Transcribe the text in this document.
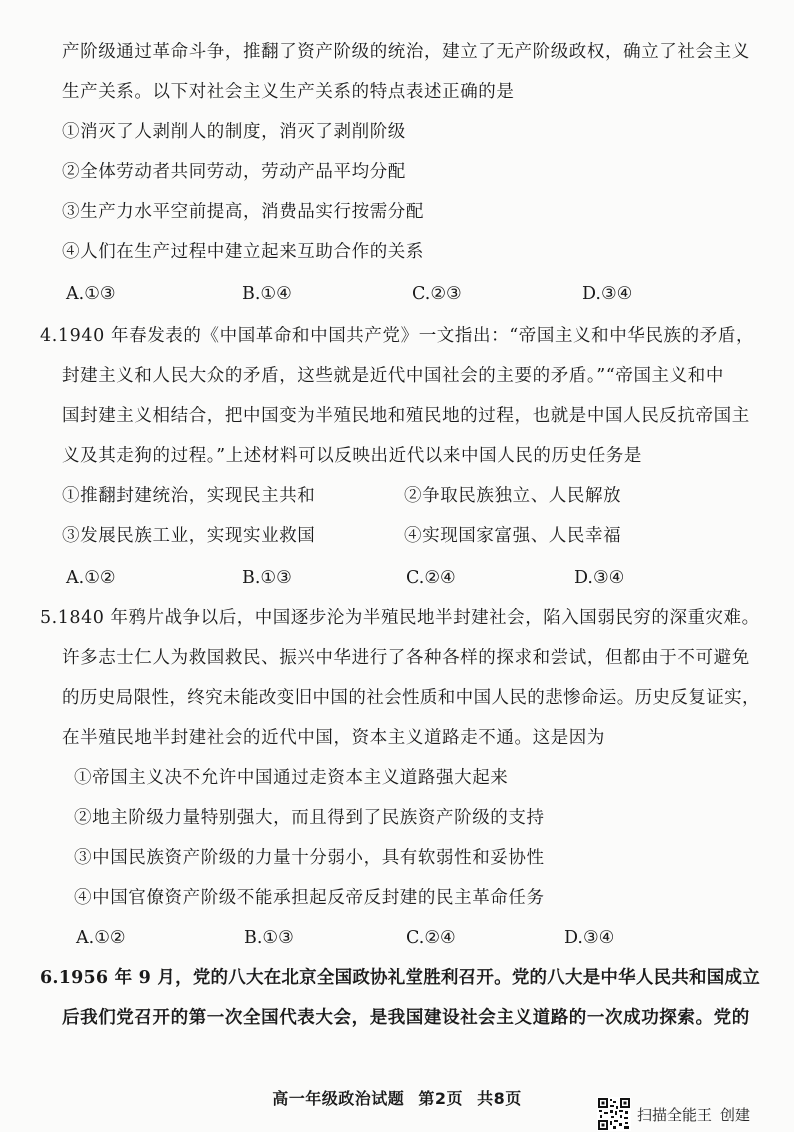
产阶级通过革命斗争，推翻了资产阶级的统治，建立了无产阶级政权，确立了社会主义
生产关系。以下对社会主义生产关系的特点表述正确的是
①消灭了人剥削人的制度，消灭了剥削阶级
②全体劳动者共同劳动，劳动产品平均分配
③生产力水平空前提高，消费品实行按需分配
④人们在生产过程中建立起来互助合作的关系
A.①③	B.①④	C.②③	D.③④
4.1940 年春发表的《中国革命和中国共产党》一文指出：“帝国主义和中华民族的矛盾，
封建主义和人民大众的矛盾，这些就是近代中国社会的主要的矛盾。”“帝国主义和中
国封建主义相结合，把中国变为半殖民地和殖民地的过程，也就是中国人民反抗帝国主
义及其走狗的过程。”上述材料可以反映出近代以来中国人民的历史任务是
①推翻封建统治，实现民主共和	②争取民族独立、人民解放
③发展民族工业，实现实业救国	④实现国家富强、人民幸福
A.①②	B.①③	C.②④	D.③④
5.1840 年鸦片战争以后，中国逐步沦为半殖民地半封建社会，陷入国弱民穷的深重灾难。
许多志士仁人为救国救民、振兴中华进行了各种各样的探求和尝试，但都由于不可避免
的历史局限性，终究未能改变旧中国的社会性质和中国人民的悲惨命运。历史反复证实，
在半殖民地半封建社会的近代中国，资本主义道路走不通。这是因为
①帝国主义决不允许中国通过走资本主义道路强大起来
②地主阶级力量特别强大，而且得到了民族资产阶级的支持
③中国民族资产阶级的力量十分弱小，具有软弱性和妥协性
④中国官僚资产阶级不能承担起反帝反封建的民主革命任务
A.①②	B.①③	C.②④	D.③④
6.1956 年 9 月，党的八大在北京全国政协礼堂胜利召开。党的八大是中华人民共和国成立
后我们党召开的第一次全国代表大会，是我国建设社会主义道路的一次成功探索。党的
高一年级政治试题 第2页 共8页
扫描全能王 创建
